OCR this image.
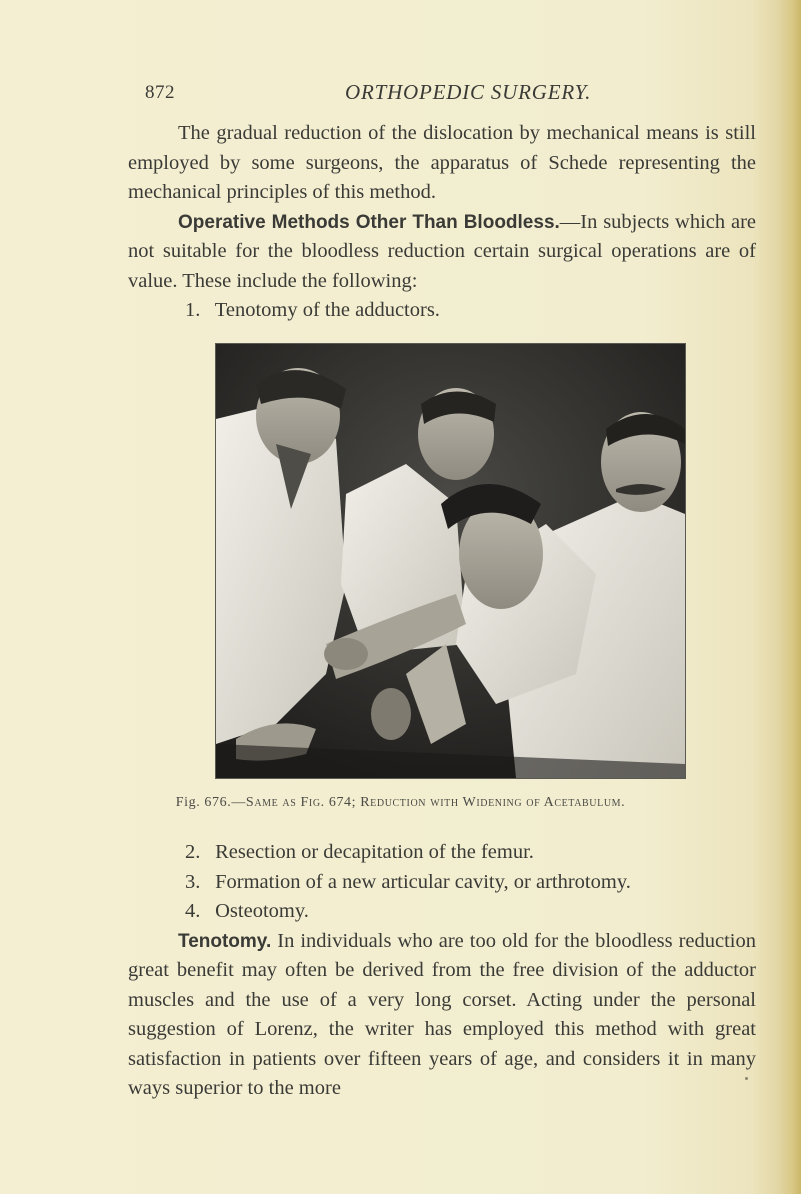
872	ORTHOPEDIC SURGERY.

The gradual reduction of the dislocation by mechanical means is still employed by some surgeons, the apparatus of Schede representing the mechanical principles of this method.

Operative Methods Other Than Bloodless.—In subjects which are not suitable for the bloodless reduction certain surgical operations are of value. These include the following:

1. Tenotomy of the adductors.

Fig. 676.—Same as Fig. 674; Reduction with Widening of Acetabulum.

2. Resection or decapitation of the femur.

3. Formation of a new articular cavity, or arthrotomy.

4. Osteotomy.

Tenotomy. In individuals who are too old for the bloodless reduction great benefit may often be derived from the free division of the adductor muscles and the use of a very long corset. Acting under the personal suggestion of Lorenz, the writer has employed this method with great satisfaction in patients over fifteen years of age, and considers it in many ways superior to the more
